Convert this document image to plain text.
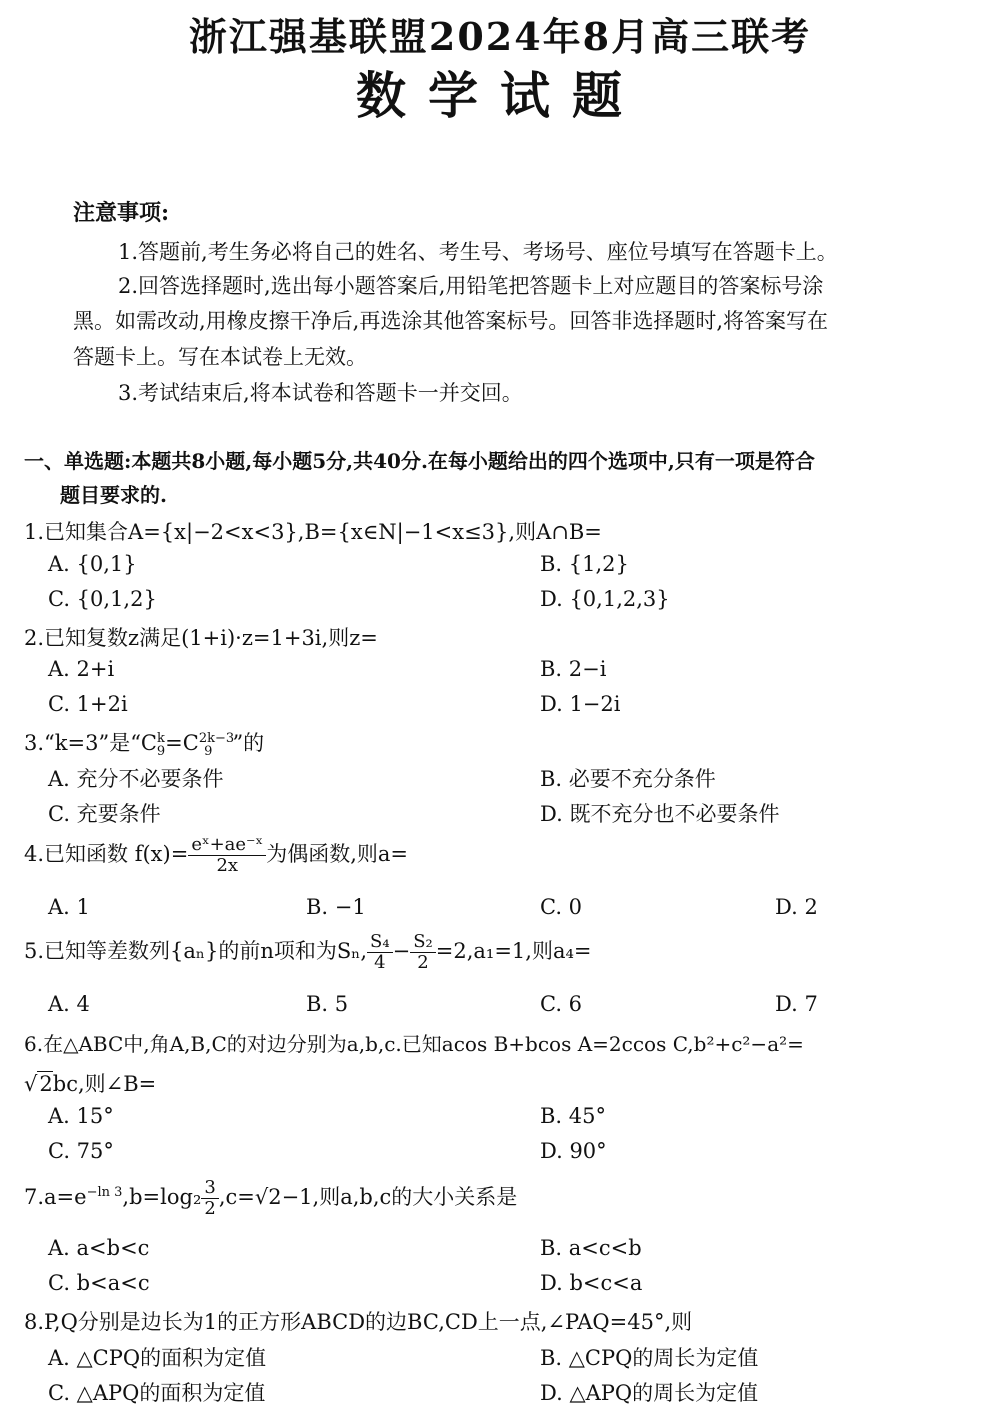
浙江强基联盟2024年8月高三联考
数学试题
注意事项:
1.答题前,考生务必将自己的姓名、考生号、考场号、座位号填写在答题卡上。
2.回答选择题时,选出每小题答案后,用铅笔把答题卡上对应题目的答案标号涂
黑。如需改动,用橡皮擦干净后,再选涂其他答案标号。回答非选择题时,将答案写在
答题卡上。写在本试卷上无效。
3.考试结束后,将本试卷和答题卡一并交回。
一、单选题:本题共8小题,每小题5分,共40分.在每小题给出的四个选项中,只有一项是符合
题目要求的.
1.已知集合A={x|−2<x<3},B={x∈N|−1<x≤3},则A∩B=
A. {0,1}	B. {1,2}
C. {0,1,2}	D. {0,1,2,3}
2.已知复数z满足(1+i)·z=1+3i,则z=
A. 2+i	B. 2−i
C. 1+2i	D. 1−2i
3.“k=3”是“$C^k_9=C^{2k-3}_9$ ”的
A. 充分不必要条件	B. 必要不充分条件
C. 充要条件	D. 既不充分也不必要条件
4.已知函数 $f(x)= \frac{\text{eˣ+ae⁻ˣ}}{2x}$ 为偶函数,则a=
A. 1	B. −1	C. 0	D. 2
5.已知等差数列{aₙ}的前n项和为Sₙ, $\frac{\text{S₄}}{4} - \frac{\text{S₂}}{2} =2,a_1=1$,则a₄=
A. 4	B. 5	C. 6	D. 7
6.在△ABC中,角A,B,C的对边分别为a,b,c.已知acos B+bcos A=2ccos C,b²+c²−a²=
√2bc,则∠B=
A. 15°	B. 45°
C. 75°	D. 90°
$7.a=e^{-ln 3},b=\log_2 \frac{3}{2} ,c=√2-1$,则a,b,c的大小关系是
A. a<b<c	B. a<c<b
C. b<a<c	D. b<c<a
8.P,Q分别是边长为1的正方形ABCD的边BC,CD上一点,∠PAQ=45°,则
A. △CPQ的面积为定值	B. △CPQ的周长为定值
C. △APQ的面积为定值	D. △APQ的周长为定值
